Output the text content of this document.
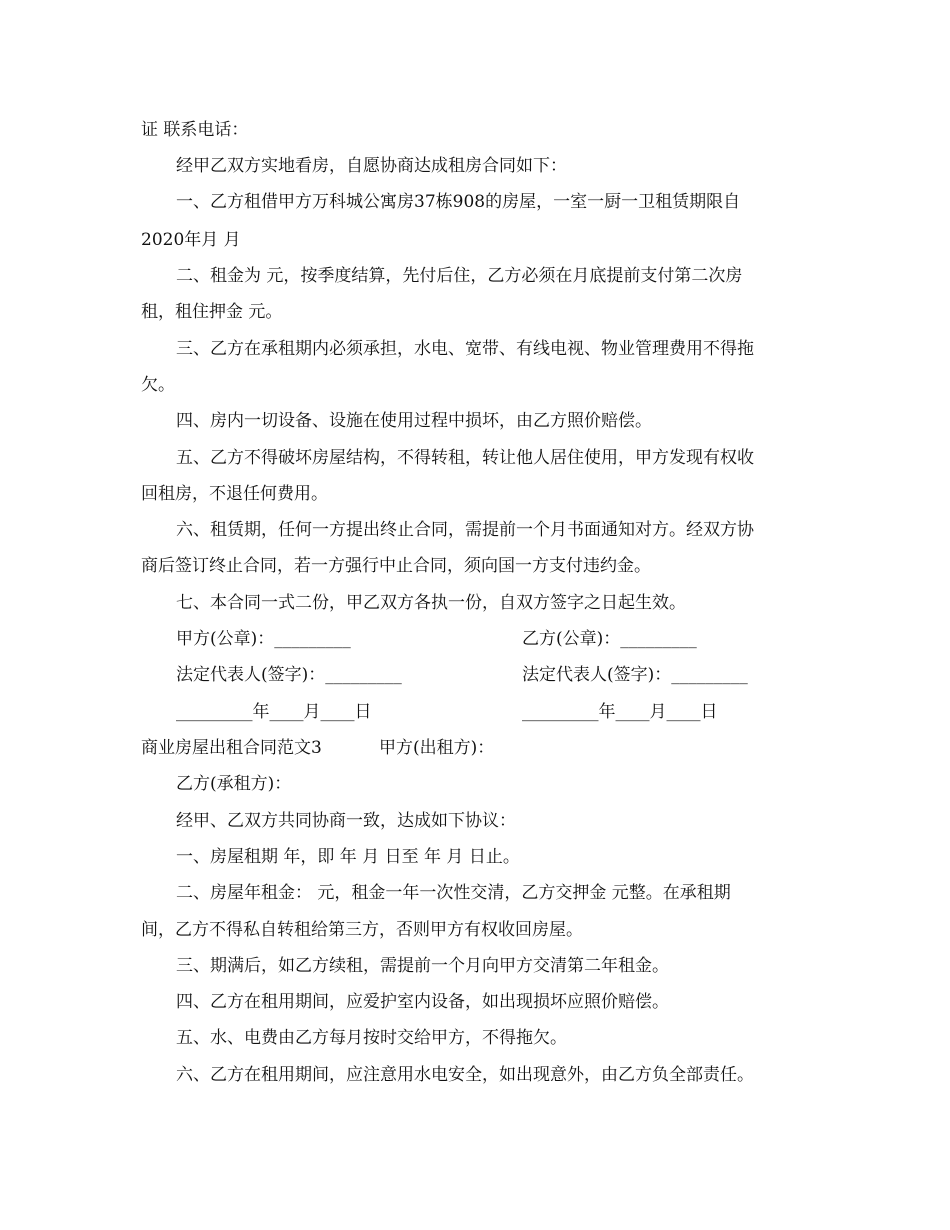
证 联系电话：
经甲乙双方实地看房，自愿协商达成租房合同如下：
一、乙方租借甲方万科城公寓房37栋908的房屋，一室一厨一卫租赁期限自
2020年月 月
二、租金为 元，按季度结算，先付后住，乙方必须在月底提前支付第二次房
租，租住押金 元。
三、乙方在承租期内必须承担，水电、宽带、有线电视、物业管理费用不得拖
欠。
四、房内一切设备、设施在使用过程中损坏，由乙方照价赔偿。
五、乙方不得破坏房屋结构，不得转租，转让他人居住使用，甲方发现有权收
回租房，不退任何费用。
六、租赁期，任何一方提出终止合同，需提前一个月书面通知对方。经双方协
商后签订终止合同，若一方强行中止合同，须向国一方支付违约金。
七、本合同一式二份，甲乙双方各执一份，自双方签字之日起生效。
甲方(公章)：_________	乙方(公章)：_________
法定代表人(签字)：_________	法定代表人(签字)：_________
_________年____月____日	_________年____月____日
商业房屋出租合同范文3	甲方(出租方)：
乙方(承租方)：
经甲、乙双方共同协商一致，达成如下协议：
一、房屋租期 年，即 年 月 日至 年 月 日止。
二、房屋年租金： 元，租金一年一次性交清，乙方交押金 元整。在承租期
间，乙方不得私自转租给第三方，否则甲方有权收回房屋。
三、期满后，如乙方续租，需提前一个月向甲方交清第二年租金。
四、乙方在租用期间，应爱护室内设备，如出现损坏应照价赔偿。
五、水、电费由乙方每月按时交给甲方，不得拖欠。
六、乙方在租用期间，应注意用水电安全，如出现意外，由乙方负全部责任。
